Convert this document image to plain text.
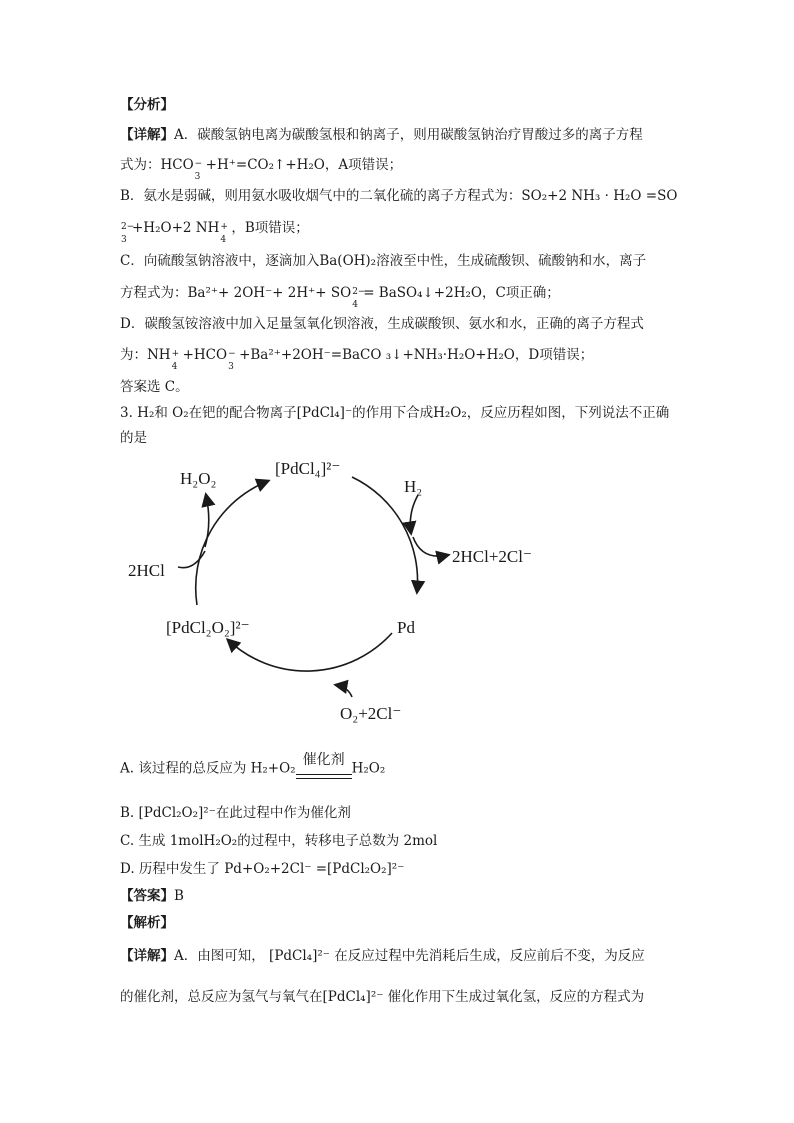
【分析】
【详解】A．碳酸氢钠电离为碳酸氢根和钠离子，则用碳酸氢钠治疗胃酸过多的离子方程
式为：HCO −
3
+H⁺=CO₂↑+H₂O，A项错误；
B．氨水是弱碱，则用氨水吸收烟气中的二氧化硫的离子方程式为：SO₂+2 NH₃ · H₂O =SO
2−
3
+H₂O+2 NH +
4
，B项错误；
C．向硫酸氢钠溶液中，逐滴加入Ba(OH)₂溶液至中性，生成硫酸钡、硫酸钠和水，离子
方程式为：Ba²⁺+ 2OH⁻+ 2H⁺+ SO 2−
4
= BaSO₄↓+2H₂O，C项正确；
D．碳酸氢铵溶液中加入足量氢氧化钡溶液，生成碳酸钡、氨水和水，正确的离子方程式
为：NH +
4
+HCO −
3
+Ba²⁺+2OH⁻=BaCO ₃↓+NH₃·H₂O+H₂O，D项错误；
答案选 C。
3. H₂和 O₂在钯的配合物离子[PdCl₄]⁻的作用下合成H₂O₂，反应历程如图，下列说法不正确
的是
[PdCl₄]²⁻
H₂
2HCl+2Cl⁻
Pd
O₂+2Cl⁻
[PdCl₂O₂]²⁻
2HCl
H₂O₂
A. 该过程的总反应为 H₂+O₂
催化剂
H₂O₂
B. [PdCl₂O₂]²⁻在此过程中作为催化剂
C. 生成 1molH₂O₂的过程中，转移电子总数为 2mol
D. 历程中发生了 Pd+O₂+2Cl⁻ =[PdCl₂O₂]²⁻
【答案】B
【解析】
【详解】A．由图可知， [PdCl₄]²⁻ 在反应过程中先消耗后生成，反应前后不变，为反应
的催化剂，总反应为氢气与氧气在[PdCl₄]²⁻ 催化作用下生成过氧化氢，反应的方程式为
